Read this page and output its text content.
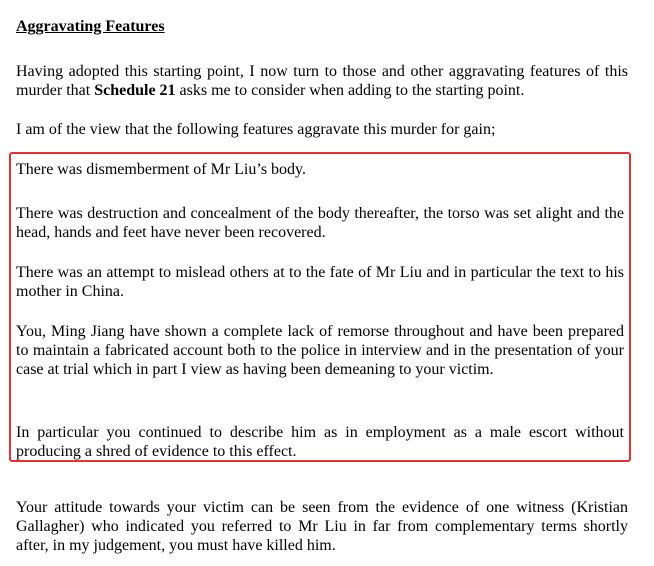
Aggravating Features

Having adopted this starting point, I now turn to those and other aggravating features of this murder that Schedule 21 asks me to consider when adding to the starting point.

I am of the view that the following features aggravate this murder for gain;

There was dismemberment of Mr Liu’s body.

There was destruction and concealment of the body thereafter, the torso was set alight and the head, hands and feet have never been recovered.

There was an attempt to mislead others at to the fate of Mr Liu and in particular the text to his mother in China.

You, Ming Jiang have shown a complete lack of remorse throughout and have been prepared to maintain a fabricated account both to the police in interview and in the presentation of your case at trial which in part I view as having been demeaning to your victim.

In particular you continued to describe him as in employment as a male escort without producing a shred of evidence to this effect.

Your attitude towards your victim can be seen from the evidence of one witness (Kristian Gallagher) who indicated you referred to Mr Liu in far from complementary terms shortly after, in my judgement, you must have killed him.
